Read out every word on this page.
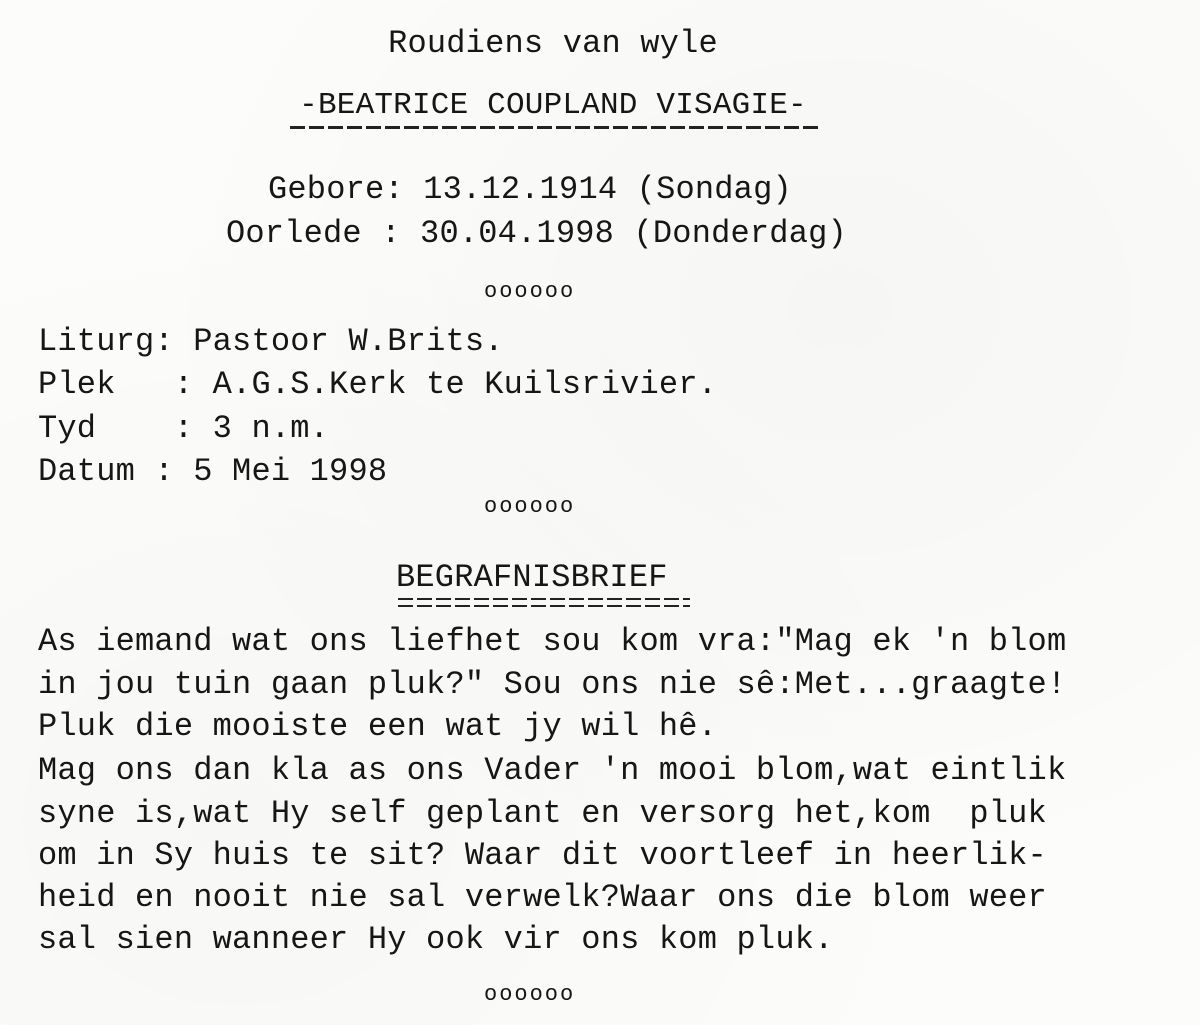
Roudiens van wyle
-BEATRICE COUPLAND VISAGIE-
Gebore: 13.12.1914 (Sondag)
Oorlede : 30.04.1998 (Donderdag)
oooooo
Liturg: Pastoor W.Brits.
Plek   : A.G.S.Kerk te Kuilsrivier.
Tyd    : 3 n.m.
Datum : 5 Mei 1998
oooooo
BEGRAFNISBRIEF
As iemand wat ons liefhet sou kom vra:"Mag ek 'n blom
in jou tuin gaan pluk?" Sou ons nie sê:Met...graagte!
Pluk die mooiste een wat jy wil hê.
Mag ons dan kla as ons Vader 'n mooi blom,wat eintlik
syne is,wat Hy self geplant en versorg het,kom  pluk
om in Sy huis te sit? Waar dit voortleef in heerlik-
heid en nooit nie sal verwelk?Waar ons die blom weer
sal sien wanneer Hy ook vir ons kom pluk.
oooooo
